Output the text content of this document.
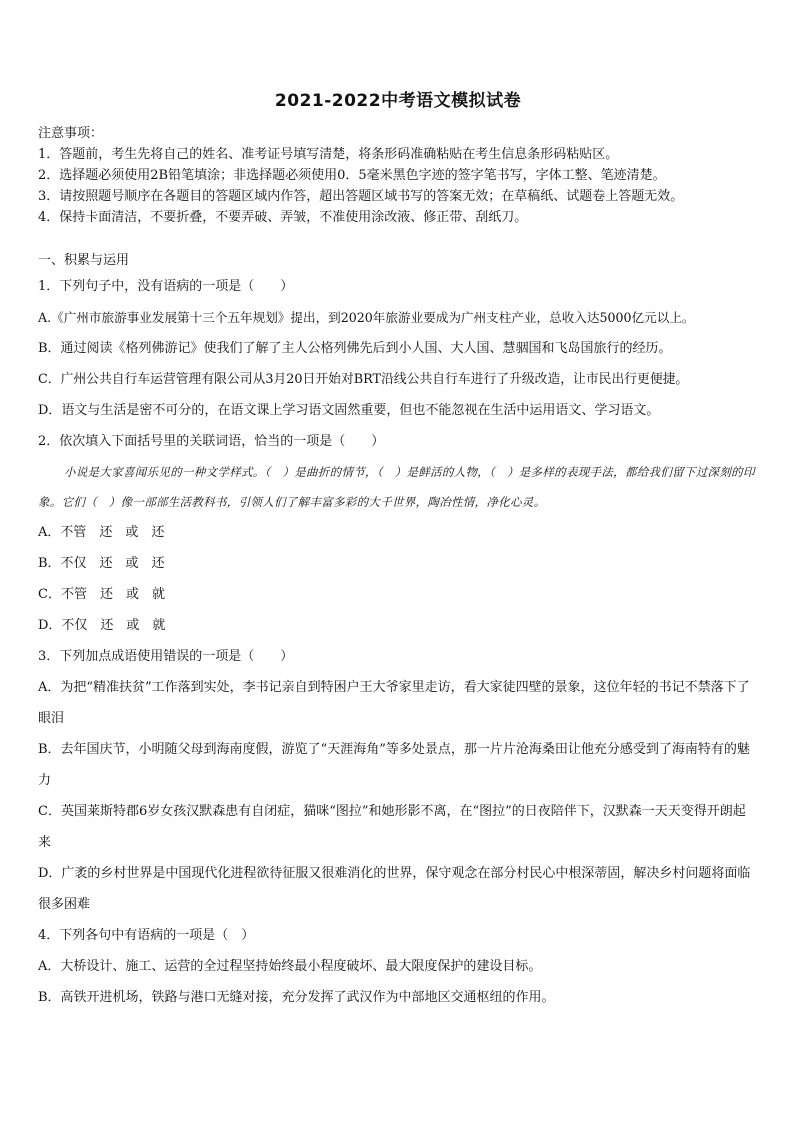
2021-2022中考语文模拟试卷
注意事项：
1．答题前，考生先将自己的姓名、准考证号填写清楚，将条形码准确粘贴在考生信息条形码粘贴区。
2．选择题必须使用2B铅笔填涂；非选择题必须使用0．5毫米黑色字迹的签字笔书写，字体工整、笔迹清楚。
3．请按照题号顺序在各题目的答题区域内作答，超出答题区域书写的答案无效；在草稿纸、试题卷上答题无效。
4．保持卡面清洁，不要折叠，不要弄破、弄皱，不准使用涂改液、修正带、刮纸刀。
一、积累与运用
1．下列句子中，没有语病的一项是（　　）
A.《广州市旅游事业发展第十三个五年规划》提出，到2020年旅游业要成为广州支柱产业，总收入达5000亿元以上。
B．通过阅读《格列佛游记》使我们了解了主人公格列佛先后到小人国、大人国、慧骃国和飞岛国旅行的经历。
C．广州公共自行车运营管理有限公司从3月20日开始对BRT沿线公共自行车进行了升级改造，让市民出行更便捷。
D．语文与生活是密不可分的，在语文课上学习语文固然重要，但也不能忽视在生活中运用语文、学习语文。
2．依次填入下面括号里的关联词语，恰当的一项是（　　）

小说是大家喜闻乐见的一种文学样式。（　）是曲折的情节，（　）是鲜活的人物，（　）是多样的表现手法，都给我们留下过深刻的印象。它们（　）像一部部生活教科书，引领人们了解丰富多彩的大千世界，陶冶性情，净化心灵。

A．不管　还　或　还
B．不仅　还　或　还
C．不管　还　或　就
D．不仅　还　或　就
3．下列加点成语使用错误的一项是（　　）
A．为把“精准扶贫”工作落到实处，李书记亲自到特困户王大爷家里走访，看大家徒四壁的景象，这位年轻的书记不禁落下了眼泪
B．去年国庆节，小明随父母到海南度假，游览了“天涯海角”等多处景点，那一片片沧海桑田让他充分感受到了海南特有的魅力
C．英国莱斯特郡6岁女孩汉默森患有自闭症，猫咪“图拉”和她形影不离，在“图拉”的日夜陪伴下，汉默森一天天变得开朗起来
D．广袤的乡村世界是中国现代化进程欲待征服又很难消化的世界，保守观念在部分村民心中根深蒂固，解决乡村问题将面临很多困难
4．下列各句中有语病的一项是（　）
A．大桥设计、施工、运营的全过程坚持始终最小程度破坏、最大限度保护的建设目标。
B．高铁开进机场，铁路与港口无缝对接，充分发挥了武汉作为中部地区交通枢纽的作用。
